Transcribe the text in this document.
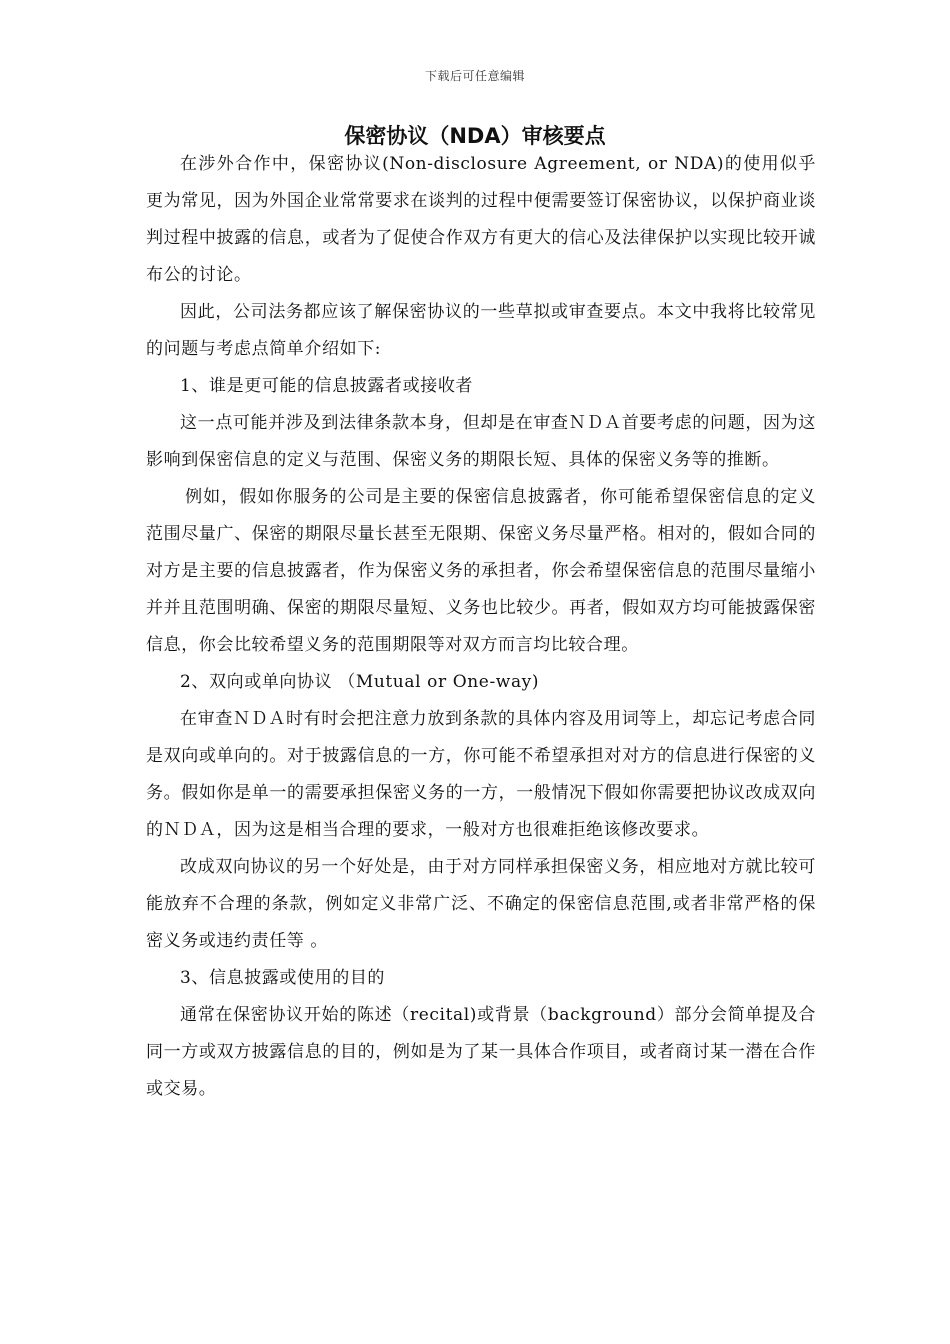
下载后可任意编辑
保密协议（NDA）审核要点

在涉外合作中，保密协议(Non-disclosure Agreement, or NDA)的使用似乎更为常见，因为外国企业常常要求在谈判的过程中便需要签订保密协议，以保护商业谈判过程中披露的信息，或者为了促使合作双方有更大的信心及法律保护以实现比较开诚布公的讨论。

因此，公司法务都应该了解保密协议的一些草拟或审查要点。本文中我将比较常见的问题与考虑点简单介绍如下:

1、谁是更可能的信息披露者或接收者

这一点可能并涉及到法律条款本身，但却是在审查ＮＤＡ首要考虑的问题，因为这影响到保密信息的定义与范围、保密义务的期限长短、具体的保密义务等的推断。

例如，假如你服务的公司是主要的保密信息披露者，你可能希望保密信息的定义范围尽量广、保密的期限尽量长甚至无限期、保密义务尽量严格。相对的，假如合同的对方是主要的信息披露者，作为保密义务的承担者，你会希望保密信息的范围尽量缩小并并且范围明确、保密的期限尽量短、义务也比较少。再者，假如双方均可能披露保密信息，你会比较希望义务的范围期限等对双方而言均比较合理。

2、双向或单向协议 （Mutual or One-way)

在审查ＮＤＡ时有时会把注意力放到条款的具体内容及用词等上，却忘记考虑合同是双向或单向的。对于披露信息的一方，你可能不希望承担对对方的信息进行保密的义务。假如你是单一的需要承担保密义务的一方，一般情况下假如你需要把协议改成双向的ＮＤＡ，因为这是相当合理的要求，一般对方也很难拒绝该修改要求。

改成双向协议的另一个好处是，由于对方同样承担保密义务，相应地对方就比较可能放弃不合理的条款，例如定义非常广泛、不确定的保密信息范围,或者非常严格的保密义务或违约责任等 。

3、信息披露或使用的目的

通常在保密协议开始的陈述（recital)或背景（background）部分会简单提及合同一方或双方披露信息的目的，例如是为了某一具体合作项目，或者商讨某一潜在合作或交易。
